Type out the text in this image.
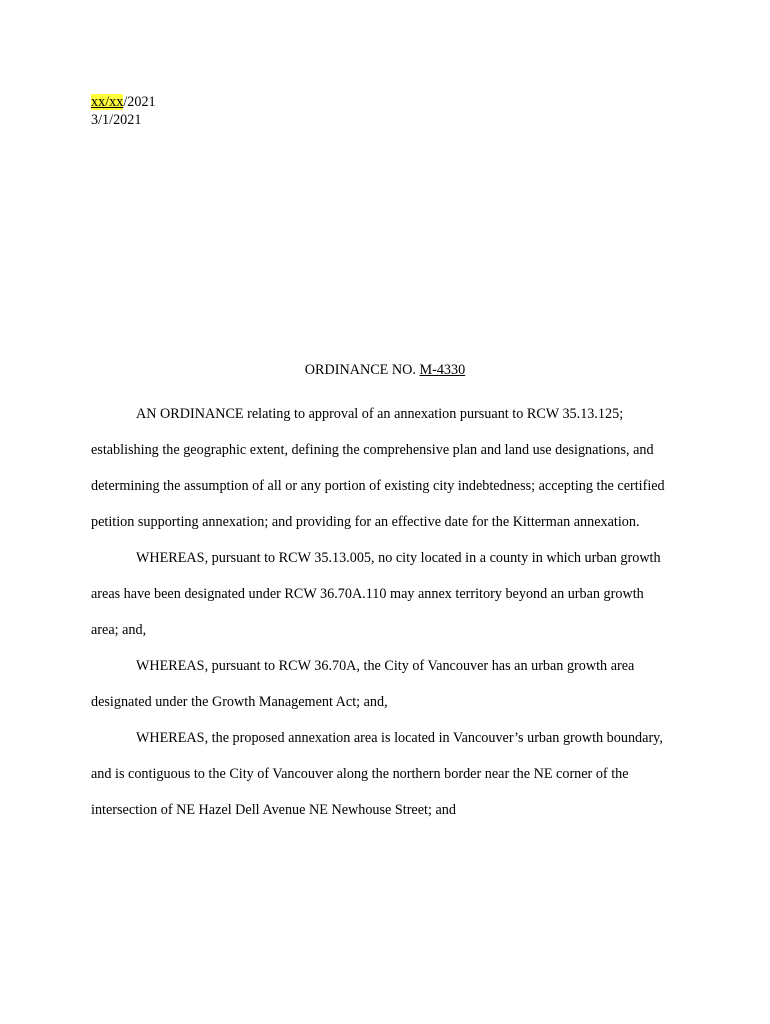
xx/xx/2021
3/1/2021
ORDINANCE NO. M-4330

AN ORDINANCE relating to approval of an annexation pursuant to RCW 35.13.125; establishing the geographic extent, defining the comprehensive plan and land use designations, and determining the assumption of all or any portion of existing city indebtedness; accepting the certified petition supporting annexation; and providing for an effective date for the Kitterman annexation.

WHEREAS, pursuant to RCW 35.13.005, no city located in a county in which urban growth areas have been designated under RCW 36.70A.110 may annex territory beyond an urban growth area; and,

WHEREAS, pursuant to RCW 36.70A, the City of Vancouver has an urban growth area designated under the Growth Management Act; and,

WHEREAS, the proposed annexation area is located in Vancouver’s urban growth boundary, and is contiguous to the City of Vancouver along the northern border near the NE corner of the intersection of NE Hazel Dell Avenue NE Newhouse Street; and
